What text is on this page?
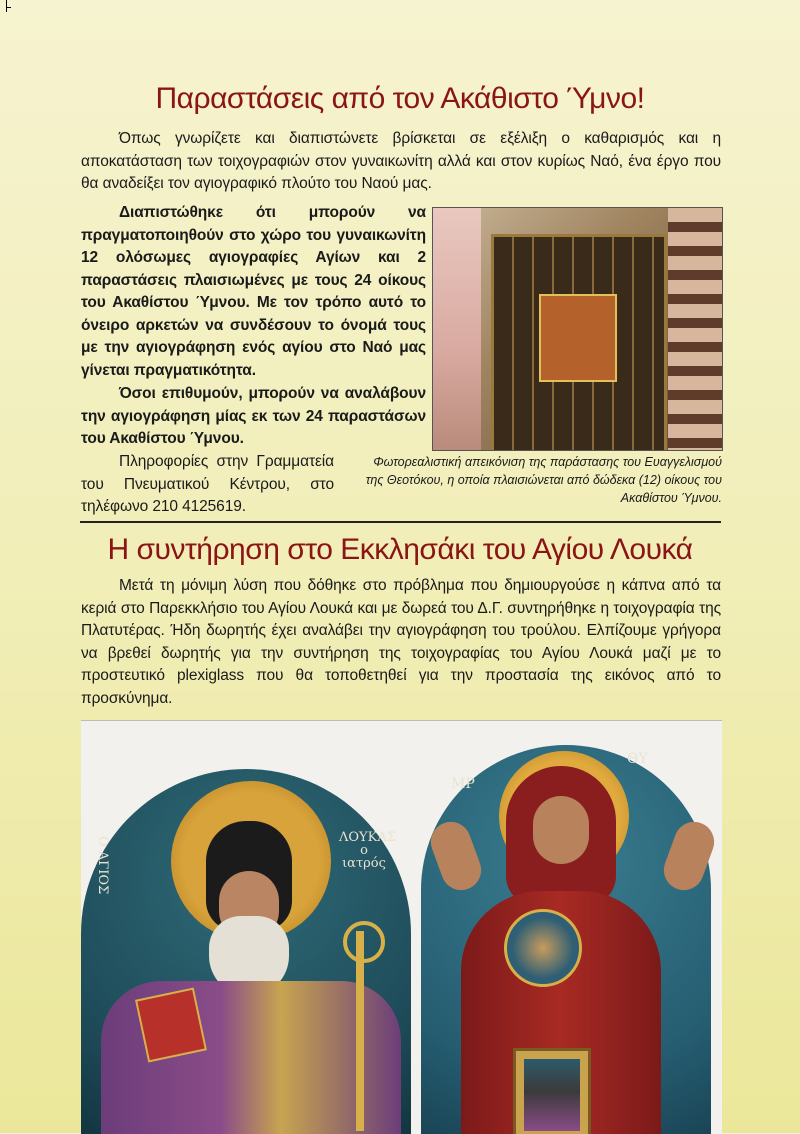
Παραστάσεις από τον Ακάθιστο Ύμνο!

Όπως γνωρίζετε και διαπιστώνετε βρίσκεται σε εξέλιξη ο καθαρισμός και η αποκατάσταση των τοιχογραφιών στον γυναικωνίτη αλλά και στον κυρίως Ναό, ένα έργο που θα αναδείξει τον αγιογραφικό πλούτο του Ναού μας.

Διαπιστώθηκε ότι μπορούν να πραγματοποιηθούν στο χώρο του γυναικωνίτη 12 ολόσωμες αγιογραφίες Αγίων και 2 παραστάσεις πλαισιωμένες με τους 24 οίκους του Ακαθίστου Ύμνου. Με τον τρόπο αυτό το όνειρο αρκετών να συνδέσουν το όνομά τους με την αγιογράφηση ενός αγίου στο Ναό μας γίνεται πραγματικότητα.

Όσοι επιθυμούν, μπορούν να αναλάβουν την αγιογράφηση μίας εκ των 24 παραστάσων του Ακαθίστου Ύμνου.

Πληροφορίες στην Γραμματεία του Πνευματικού Κέντρου, στο τηλέφωνο 210 4125619.

Φωτορεαλιστική απεικόνιση της παράστασης του Ευαγγελισμού της Θεοτόκου, η οποία πλαισιώνεται από δώδεκα (12) οίκους του Ακαθίστου Ύμνου.
Η συντήρηση στο Εκκλησάκι του Αγίου Λουκά

Μετά τη μόνιμη λύση που δόθηκε στο πρόβλημα που δημιουργούσε η κάπνα από τα κεριά στο Παρεκκλήσιο του Αγίου Λουκά και με δωρεά του Δ.Γ. συντηρήθηκε η τοιχογραφία της Πλατυτέρας. Ήδη δωρητής έχει αναλάβει την αγιογράφηση του τρούλου. Ελπίζουμε γρήγορα να βρεθεί δωρητής για την συντήρηση της τοιχογραφίας του Αγίου Λουκά μαζί με το προστευτικό plexiglass που θα τοποθετηθεί για την προστασία της εικόνος από το προσκύνημα.

Ο ΑΓΙΟΣ	ΛΟΥΚΑΣ ο ιατρός
ΜΡ
ΘΥ
